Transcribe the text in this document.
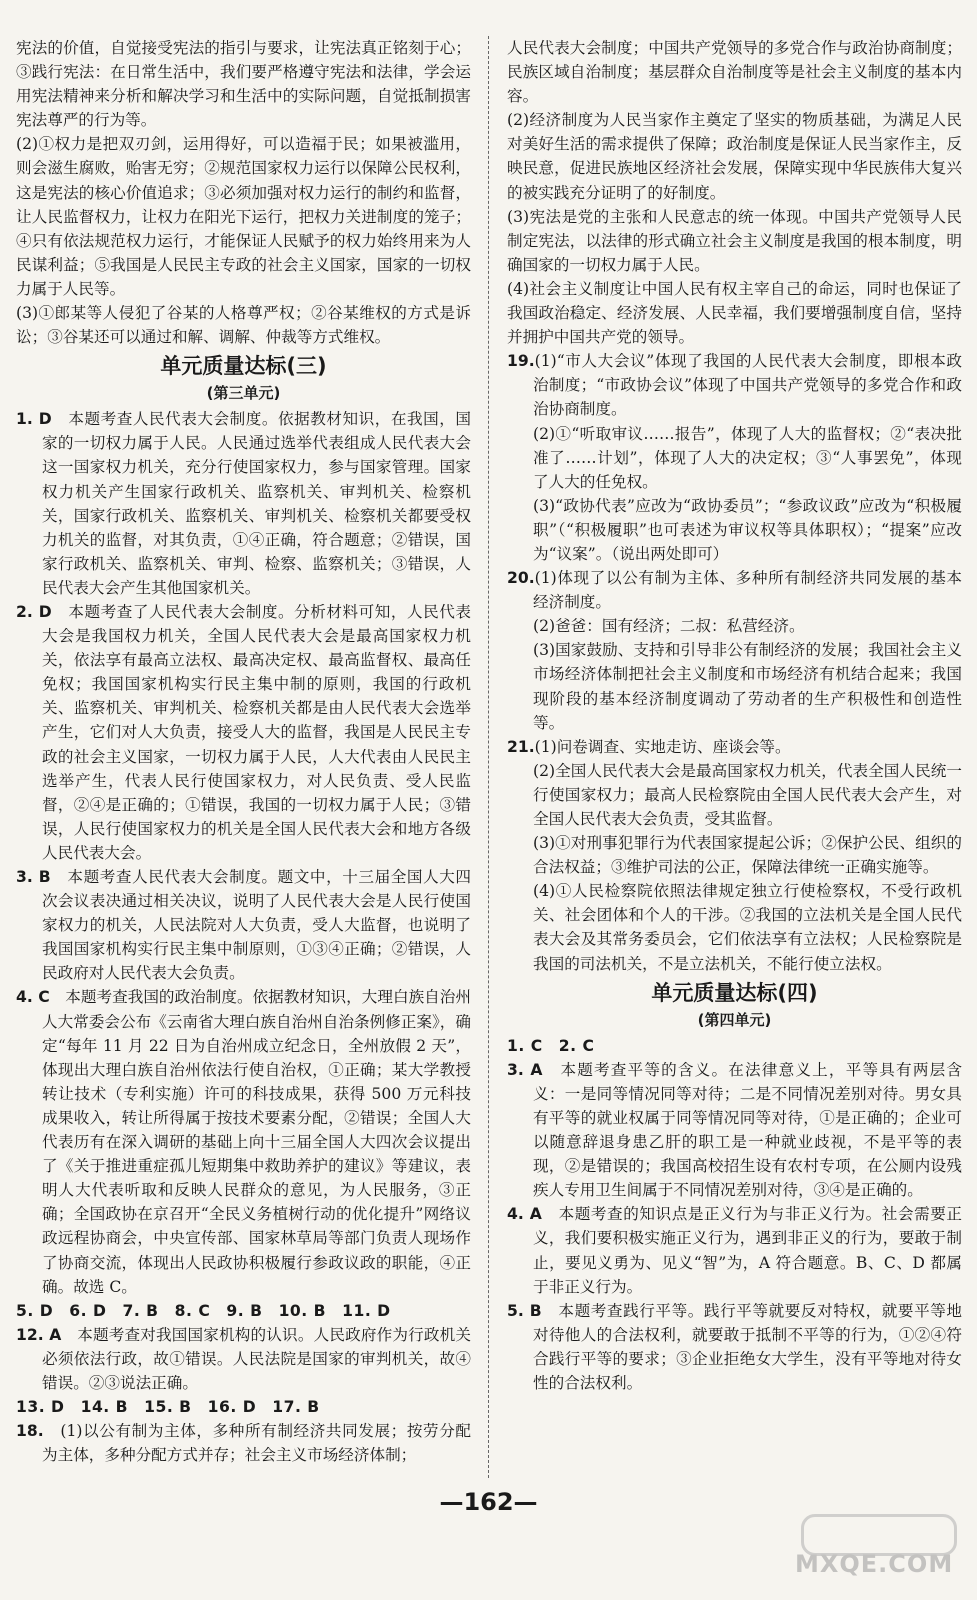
宪法的价值，自觉接受宪法的指引与要求，让宪法真正铭刻于心；③践行宪法：在日常生活中，我们要严格遵守宪法和法律，学会运用宪法精神来分析和解决学习和生活中的实际问题，自觉抵制损害宪法尊严的行为等。

(2)①权力是把双刃剑，运用得好，可以造福于民；如果被滥用，则会滋生腐败，贻害无穷；②规范国家权力运行以保障公民权利，这是宪法的核心价值追求；③必须加强对权力运行的制约和监督，让人民监督权力，让权力在阳光下运行，把权力关进制度的笼子；④只有依法规范权力运行，才能保证人民赋予的权力始终用来为人民谋利益；⑤我国是人民民主专政的社会主义国家，国家的一切权力属于人民等。

(3)①郎某等人侵犯了谷某的人格尊严权；②谷某维权的方式是诉讼；③谷某还可以通过和解、调解、仲裁等方式维权。

单元质量达标(三)
(第三单元)

1. D　 本题考查人民代表大会制度。依据教材知识，在我国，国家的一切权力属于人民。人民通过选举代表组成人民代表大会这一国家权力机关，充分行使国家权力，参与国家管理。国家权力机关产生国家行政机关、监察机关、审判机关、检察机关，国家行政机关、监察机关、审判机关、检察机关都要受权力机关的监督，对其负责，①④正确，符合题意；②错误，国家行政机关、监察机关、审判、检察、监察机关；③错误，人民代表大会产生其他国家机关。

2. D　 本题考查了人民代表大会制度。分析材料可知，人民代表大会是我国权力机关，全国人民代表大会是最高国家权力机关，依法享有最高立法权、最高决定权、最高监督权、最高任免权；我国国家机构实行民主集中制的原则，我国的行政机关、监察机关、审判机关、检察机关都是由人民代表大会选举产生，它们对人大负责，接受人大的监督，我国是人民民主专政的社会主义国家，一切权力属于人民，人大代表由人民民主选举产生，代表人民行使国家权力，对人民负责、受人民监督，②④是正确的；①错误，我国的一切权力属于人民；③错误，人民行使国家权力的机关是全国人民代表大会和地方各级人民代表大会。

3. B　 本题考查人民代表大会制度。题文中，十三届全国人大四次会议表决通过相关决议，说明了人民代表大会是人民行使国家权力的机关，人民法院对人大负责，受人大监督，也说明了我国国家机构实行民主集中制原则，①③④正确；②错误，人民政府对人民代表大会负责。

4. C　 本题考查我国的政治制度。依据教材知识，大理白族自治州人大常委会公布《云南省大理白族自治州自治条例修正案》，确定“每年 11 月 22 日为自治州成立纪念日，全州放假 2 天”，体现出大理白族自治州依法行使自治权，①正确；某大学教授转让技术（专利实施）许可的科技成果，获得 500 万元科技成果收入，转让所得属于按技术要素分配，②错误；全国人大代表历有在深入调研的基础上向十三届全国人大四次会议提出了《关于推进重症孤儿短期集中救助养护的建议》等建议，表明人大代表听取和反映人民群众的意见，为人民服务，③正确；全国政协在京召开“全民义务植树行动的优化提升”网络议政远程协商会，中央宣传部、国家林草局等部门负责人现场作了协商交流，体现出人民政协积极履行参政议政的职能，④正确。故选 C。

5. D　6. D　7. B　8. C　9. B　10. B　11. D

12. A　 本题考查对我国国家机构的认识。人民政府作为行政机关必须依法行政，故①错误。人民法院是国家的审判机关，故④错误。②③说法正确。

13. D　14. B　15. B　16. D　17. B

18.　 (1)以公有制为主体，多种所有制经济共同发展；按劳分配为主体，多种分配方式并存；社会主义市场经济体制；

人民代表大会制度；中国共产党领导的多党合作与政治协商制度；民族区域自治制度；基层群众自治制度等是社会主义制度的基本内容。

(2)经济制度为人民当家作主奠定了坚实的物质基础，为满足人民对美好生活的需求提供了保障；政治制度是保证人民当家作主，反映民意，促进民族地区经济社会发展，保障实现中华民族伟大复兴的被实践充分证明了的好制度。

(3)宪法是党的主张和人民意志的统一体现。中国共产党领导人民制定宪法，以法律的形式确立社会主义制度是我国的根本制度，明确国家的一切权力属于人民。

(4)社会主义制度让中国人民有权主宰自己的命运，同时也保证了我国政治稳定、经济发展、人民幸福，我们要增强制度自信，坚持并拥护中国共产党的领导。

19.(1)“市人大会议”体现了我国的人民代表大会制度，即根本政治制度；“市政协会议”体现了中国共产党领导的多党合作和政治协商制度。

(2)①“听取审议……报告”，体现了人大的监督权；②“表决批准了……计划”，体现了人大的决定权；③“人事罢免”，体现了人大的任免权。

(3)“政协代表”应改为“政协委员”；“参政议政”应改为“积极履职”（“积极履职”也可表述为审议权等具体职权）；“提案”应改为“议案”。（说出两处即可）

20.(1)体现了以公有制为主体、多种所有制经济共同发展的基本经济制度。

(2)爸爸：国有经济；二叔：私营经济。

(3)国家鼓励、支持和引导非公有制经济的发展；我国社会主义市场经济体制把社会主义制度和市场经济有机结合起来；我国现阶段的基本经济制度调动了劳动者的生产积极性和创造性等。

21.(1)问卷调查、实地走访、座谈会等。

(2)全国人民代表大会是最高国家权力机关，代表全国人民统一行使国家权力；最高人民检察院由全国人民代表大会产生，对全国人民代表大会负责，受其监督。

(3)①对刑事犯罪行为代表国家提起公诉；②保护公民、组织的合法权益；③维护司法的公正，保障法律统一正确实施等。

(4)①人民检察院依照法律规定独立行使检察权，不受行政机关、社会团体和个人的干涉。②我国的立法机关是全国人民代表大会及其常务委员会，它们依法享有立法权；人民检察院是我国的司法机关，不是立法机关，不能行使立法权。

单元质量达标(四)
(第四单元)

1. C　2. C

3. A　 本题考查平等的含义。在法律意义上，平等具有两层含义：一是同等情况同等对待；二是不同情况差别对待。男女具有平等的就业权属于同等情况同等对待，①是正确的；企业可以随意辞退身患乙肝的职工是一种就业歧视，不是平等的表现，②是错误的；我国高校招生设有农村专项，在公厕内设残疾人专用卫生间属于不同情况差别对待，③④是正确的。

4. A　 本题考查的知识点是正义行为与非正义行为。社会需要正义，我们要积极实施正义行为，遇到非正义的行为，要敢于制止，要见义勇为、见义“智”为，A 符合题意。B、C、D 都属于非正义行为。

5. B　 本题考查践行平等。践行平等就要反对特权，就要平等地对待他人的合法权利，就要敢于抵制不平等的行为，①②④符合践行平等的要求；③企业拒绝女大学生，没有平等地对待女性的合法权利。

—162—
MXQE.COM
